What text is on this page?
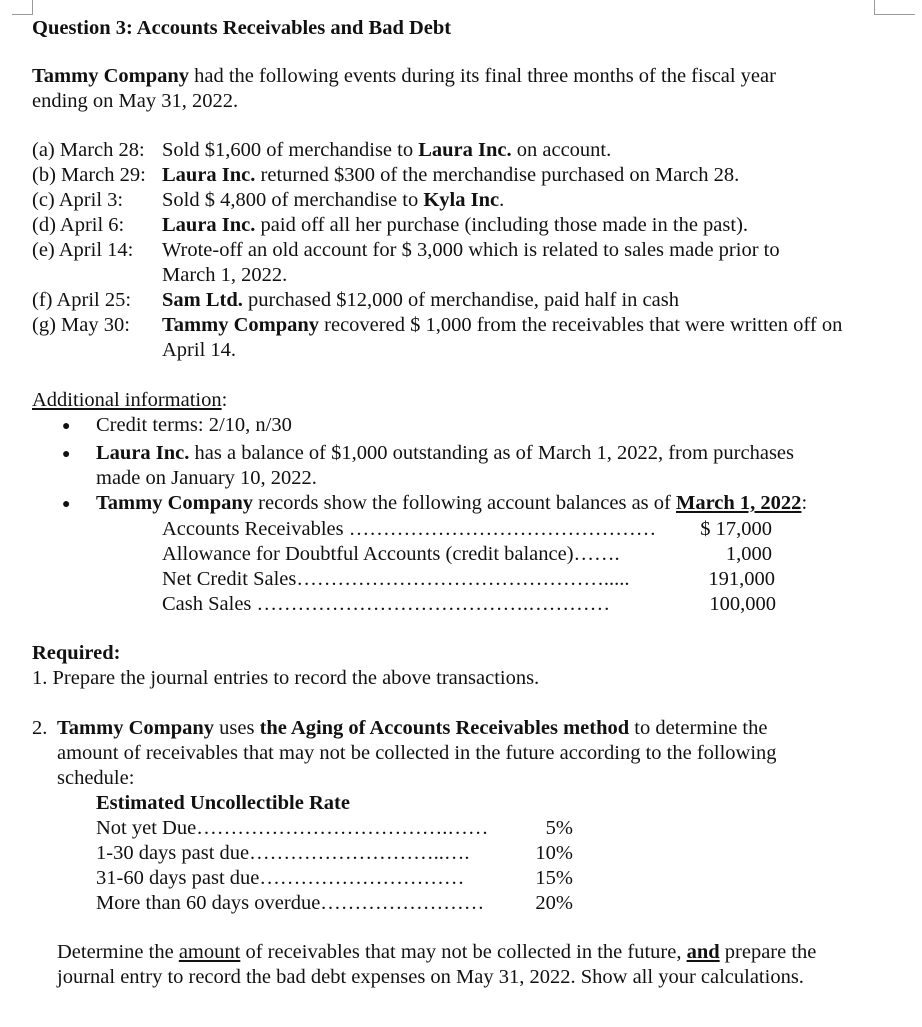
Question 3: Accounts Receivables and Bad Debt
Tammy Company had the following events during its final three months of the fiscal year
ending on May 31, 2022.
(a) March 28: Sold $1,600 of merchandise to Laura Inc. on account.
(b) March 29: Laura Inc. returned $300 of the merchandise purchased on March 28.
(c) April 3: Sold $ 4,800 of merchandise to Kyla Inc.
(d) April 6: Laura Inc. paid off all her purchase (including those made in the past).
(e) April 14: Wrote-off an old account for $ 3,000 which is related to sales made prior to
March 1, 2022.
(f) April 25: Sam Ltd. purchased $12,000 of merchandise, paid half in cash
(g) May 30: Tammy Company recovered $ 1,000 from the receivables that were written off on
April 14.
Additional information:
● Credit terms: 2/10, n/30
● Laura Inc. has a balance of $1,000 outstanding as of March 1, 2022, from purchases
made on January 10, 2022.
● Tammy Company records show the following account balances as of March 1, 2022:
Accounts Receivables ………………………………………	$ 17,000
Allowance for Doubtful Accounts (credit balance)…….	1,000
Net Credit Sales……………………………………….....	191,000
Cash Sales ………………………………….…………	100,000
Required:
1. Prepare the journal entries to record the above transactions.
2. Tammy Company uses the Aging of Accounts Receivables method to determine the
amount of receivables that may not be collected in the future according to the following
schedule:
Estimated Uncollectible Rate
Not yet Due……………………………….……	5%
1-30 days past due………………………..….	10%
31-60 days past due…………………………	15%
More than 60 days overdue……………………	20%
Determine the amount of receivables that may not be collected in the future, and prepare the
journal entry to record the bad debt expenses on May 31, 2022. Show all your calculations.
